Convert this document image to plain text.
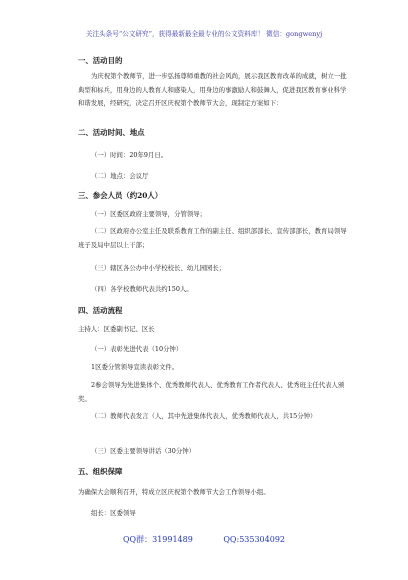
关注头条号“公文研究”，获得最新最全最专业的公文资料库！ 微信：gongwenyj
一、活动目的
为庆祝第个教师节，进一步弘扬尊师重教的社会风尚，展示我区教育改革的成就，树立一批典型和标兵，用身边的人教育人和感染人，用身边的事激励人和鼓舞人，促进我区教育事业科学和谐发展，经研究，决定召开区庆祝第个教师节大会，现制定方案如下：
二、活动时间、地点
（一）时间：20年9月日。
（二）地点：会议厅
三、参会人员（约20人）
（一）区委区政府主要领导，分管领导；
（二）区政府办公室主任及联系教育工作的副主任、组织部部长、宣传部部长，教育局领导班子及局中层以上干部；
（三）辖区各公办中小学校校长、幼儿园园长；
（四）各学校教师代表共约150人。
四、活动流程
主持人：区委副书记、区长
（一）表彰先进代表（10分钟）
1区委分管领导宣读表彰文件。
2参会领导为先进集体个、优秀教师代表人、优秀教育工作者代表人、优秀班主任代表人颁奖。
（二）教师代表发言（人，其中先进集体代表人，优秀教师代表人，共15分钟）
（三）区委主要领导讲话（30分钟）
五、组织保障
为确保大会顺利召开，特成立区庆祝第个教师节大会工作领导小组。
组长：区委领导
QQ群：31991489	QQ:535304092
